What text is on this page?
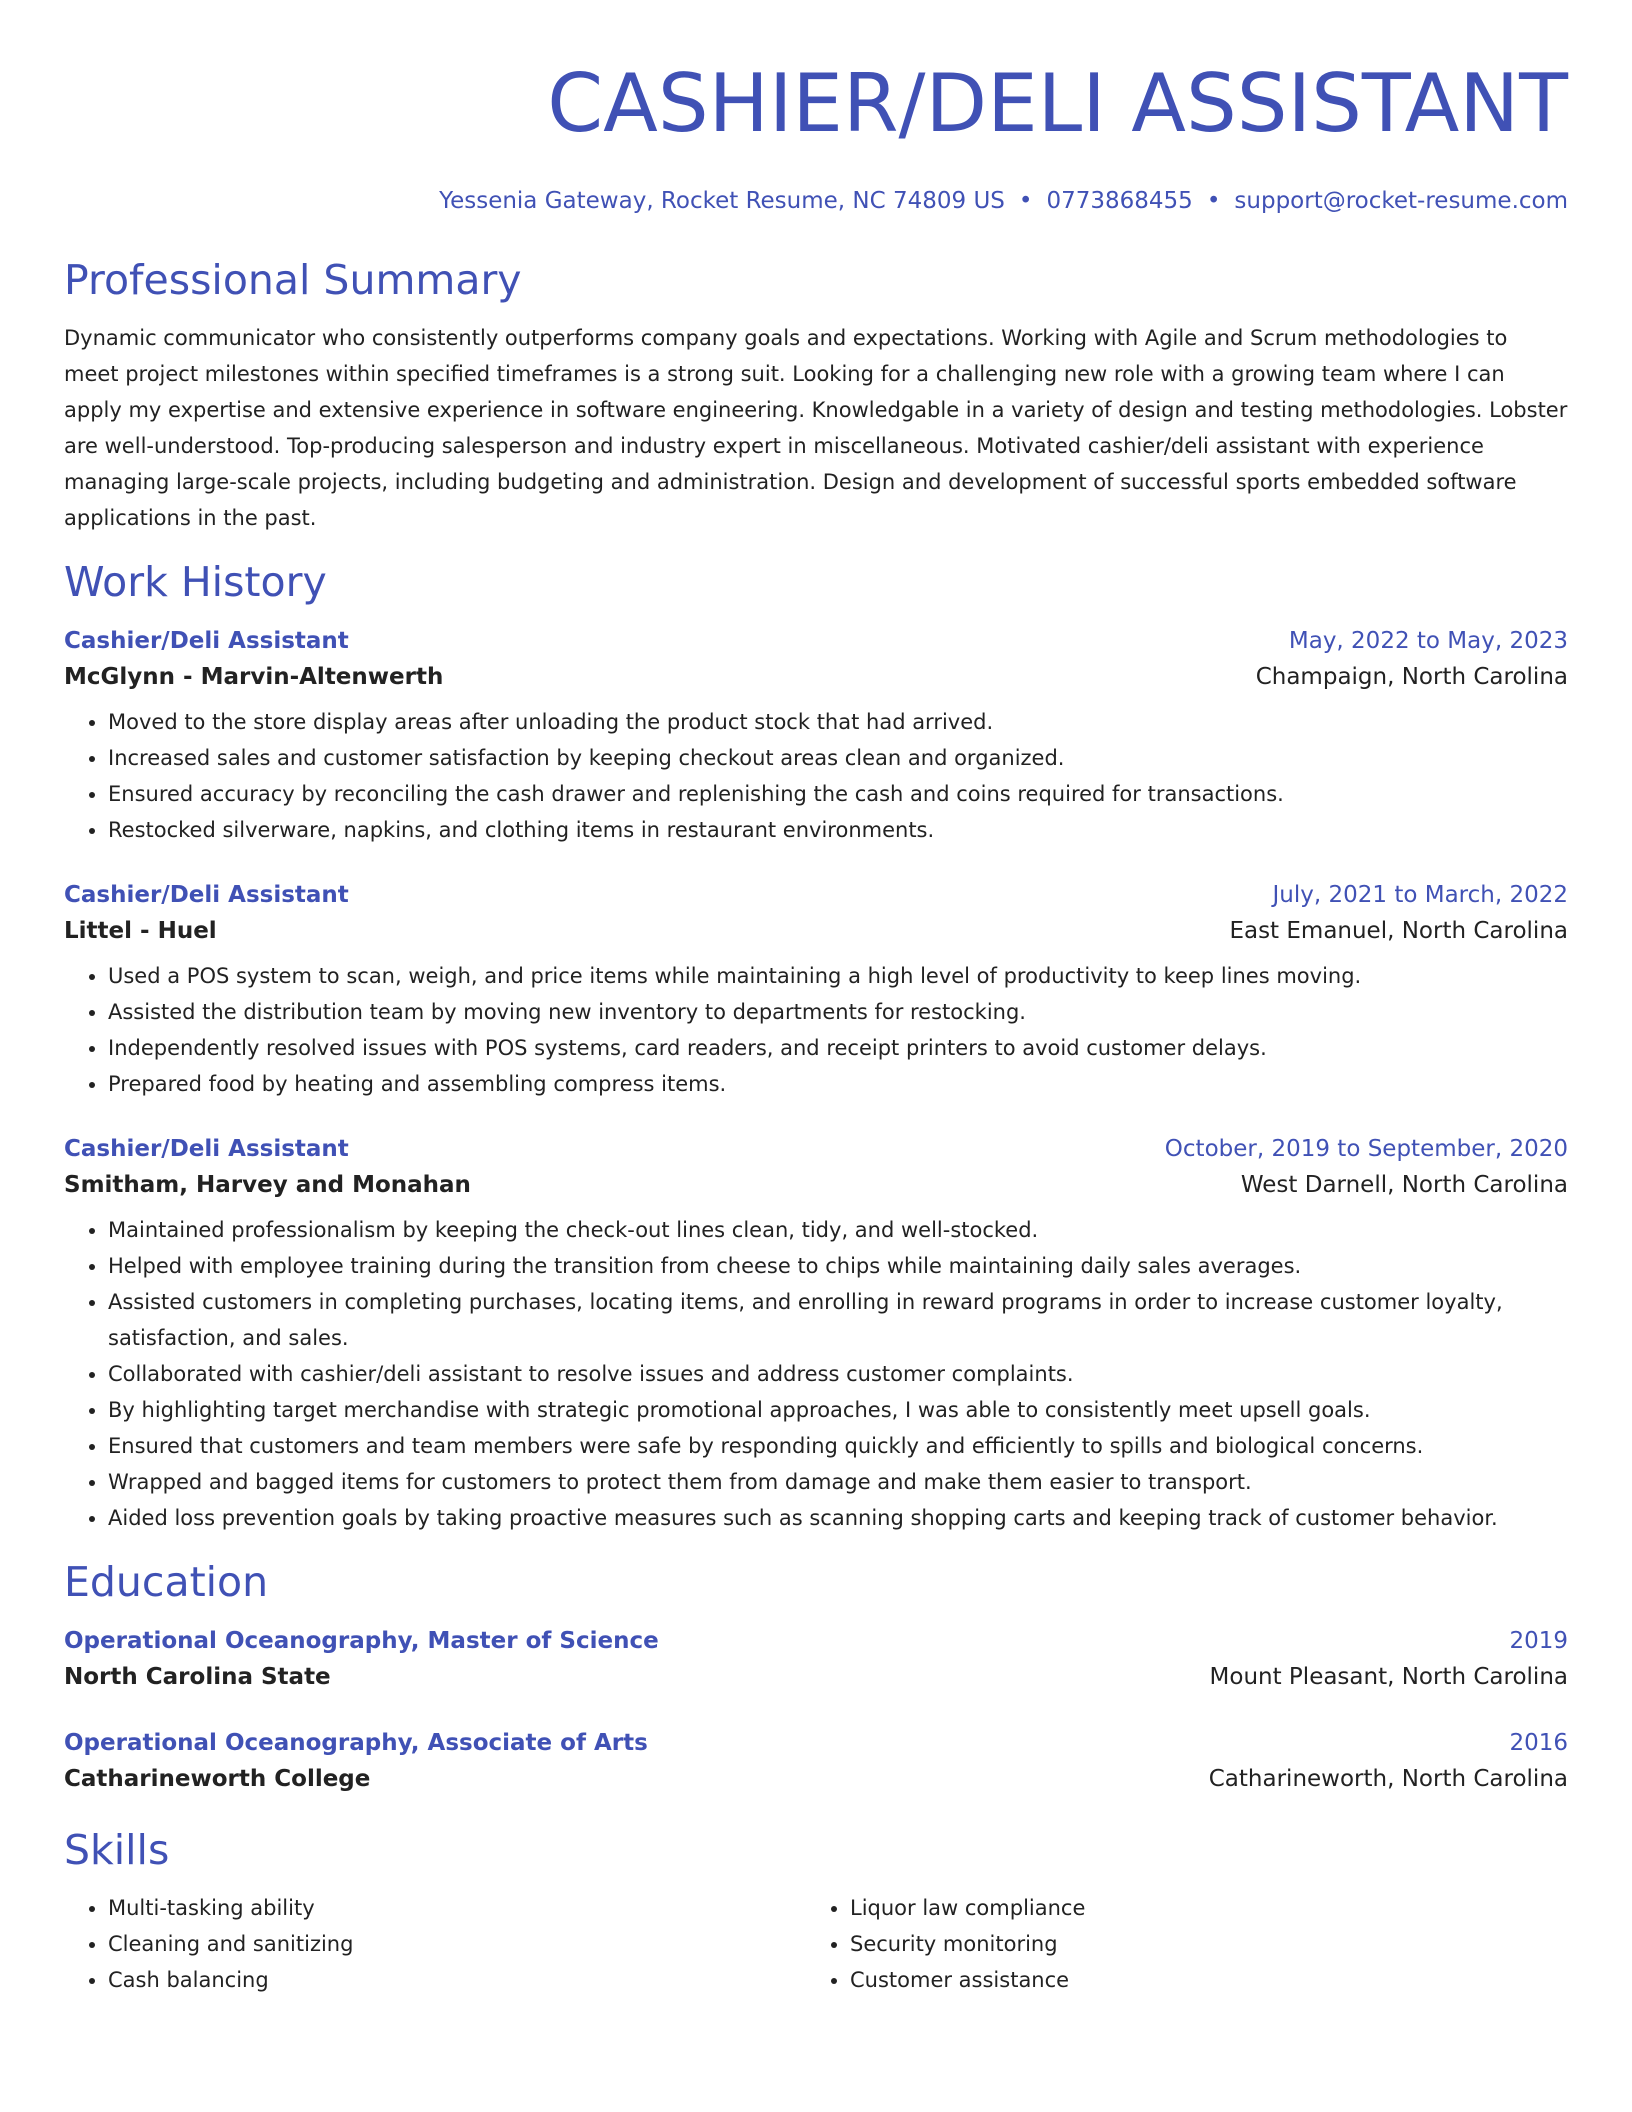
CASHIER/DELI ASSISTANT
Yessenia Gateway, Rocket Resume, NC 74809 US • 0773868455 • support@rocket-resume.com
Professional Summary

Dynamic communicator who consistently outperforms company goals and expectations. Working with Agile and Scrum methodologies to meet project milestones within specified timeframes is a strong suit. Looking for a challenging new role with a growing team where I can apply my expertise and extensive experience in software engineering. Knowledgable in a variety of design and testing methodologies. Lobster are well-understood. Top-producing salesperson and industry expert in miscellaneous. Motivated cashier/deli assistant with experience managing large-scale projects, including budgeting and administration. Design and development of successful sports embedded software applications in the past.

Work History
Cashier/Deli Assistant	May, 2022 to May, 2023
McGlynn - Marvin-Altenwerth	Champaign, North Carolina
• Moved to the store display areas after unloading the product stock that had arrived.
• Increased sales and customer satisfaction by keeping checkout areas clean and organized.
• Ensured accuracy by reconciling the cash drawer and replenishing the cash and coins required for transactions.
• Restocked silverware, napkins, and clothing items in restaurant environments.
Cashier/Deli Assistant	July, 2021 to March, 2022
Littel - Huel	East Emanuel, North Carolina
• Used a POS system to scan, weigh, and price items while maintaining a high level of productivity to keep lines moving.
• Assisted the distribution team by moving new inventory to departments for restocking.
• Independently resolved issues with POS systems, card readers, and receipt printers to avoid customer delays.
• Prepared food by heating and assembling compress items.
Cashier/Deli Assistant	October, 2019 to September, 2020
Smitham, Harvey and Monahan	West Darnell, North Carolina
• Maintained professionalism by keeping the check-out lines clean, tidy, and well-stocked.
• Helped with employee training during the transition from cheese to chips while maintaining daily sales averages.
• Assisted customers in completing purchases, locating items, and enrolling in reward programs in order to increase customer loyalty, satisfaction, and sales.
• Collaborated with cashier/deli assistant to resolve issues and address customer complaints.
• By highlighting target merchandise with strategic promotional approaches, I was able to consistently meet upsell goals.
• Ensured that customers and team members were safe by responding quickly and efficiently to spills and biological concerns.
• Wrapped and bagged items for customers to protect them from damage and make them easier to transport.
• Aided loss prevention goals by taking proactive measures such as scanning shopping carts and keeping track of customer behavior.
Education
Operational Oceanography, Master of Science	2019
North Carolina State	Mount Pleasant, North Carolina
Operational Oceanography, Associate of Arts	2016
Catharineworth College	Catharineworth, North Carolina
Skills
• Multi-tasking ability
• Cleaning and sanitizing
• Cash balancing
• Liquor law compliance
• Security monitoring
• Customer assistance
